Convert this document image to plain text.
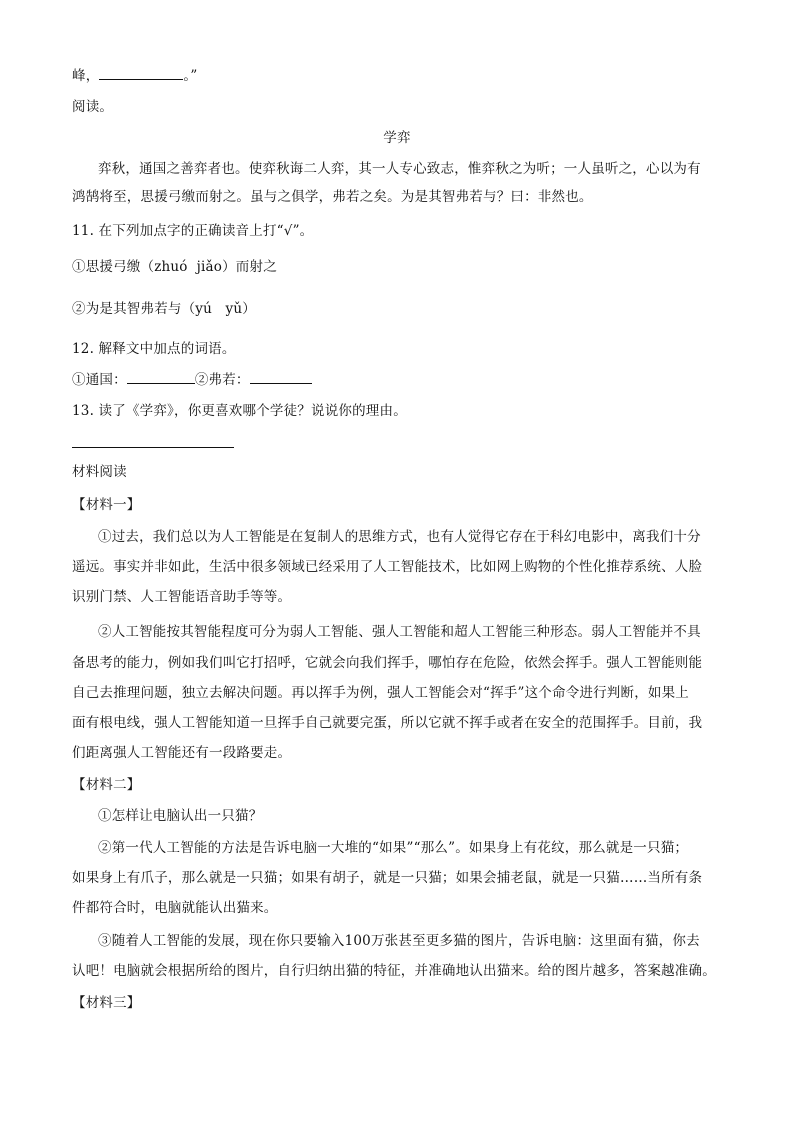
峰，	。”
阅读。
学弈
弈秋，通国之善弈者也。使弈秋诲二人弈，其一人专心致志，惟弈秋之为听；一人虽听之，心以为有
鸿鹄将至，思援弓缴而射之。虽与之俱学，弗若之矣。为是其智弗若与？曰：非然也。
11. 在下列加点字的正确读音上打“√”。
①思援弓缴（zhuó  jiǎo）而射之
②为是其智弗若与（yú   yǔ）
12. 解释文中加点的词语。
①通国：	②弗若：
13. 读了《学弈》，你更喜欢哪个学徒？说说你的理由。
材料阅读
【材料一】
①过去，我们总以为人工智能是在复制人的思维方式，也有人觉得它存在于科幻电影中，离我们十分
遥远。事实并非如此，生活中很多领域已经采用了人工智能技术，比如网上购物的个性化推荐系统、人脸
识别门禁、人工智能语音助手等等。
②人工智能按其智能程度可分为弱人工智能、强人工智能和超人工智能三种形态。弱人工智能并不具
备思考的能力，例如我们叫它打招呼，它就会向我们挥手，哪怕存在危险，依然会挥手。强人工智能则能
自己去推理问题，独立去解决问题。再以挥手为例，强人工智能会对“挥手”这个命令进行判断，如果上
面有根电线，强人工智能知道一旦挥手自己就要完蛋，所以它就不挥手或者在安全的范围挥手。目前，我
们距离强人工智能还有一段路要走。
【材料二】
①怎样让电脑认出一只猫？
②第一代人工智能的方法是告诉电脑一大堆的“如果”“那么”。如果身上有花纹，那么就是一只猫；
如果身上有爪子，那么就是一只猫；如果有胡子，就是一只猫；如果会捕老鼠，就是一只猫……当所有条
件都符合时，电脑就能认出猫来。
③随着人工智能的发展，现在你只要输入100万张甚至更多猫的图片，告诉电脑：这里面有猫，你去
认吧！电脑就会根据所给的图片，自行归纳出猫的特征，并准确地认出猫来。给的图片越多，答案越准确。
【材料三】
